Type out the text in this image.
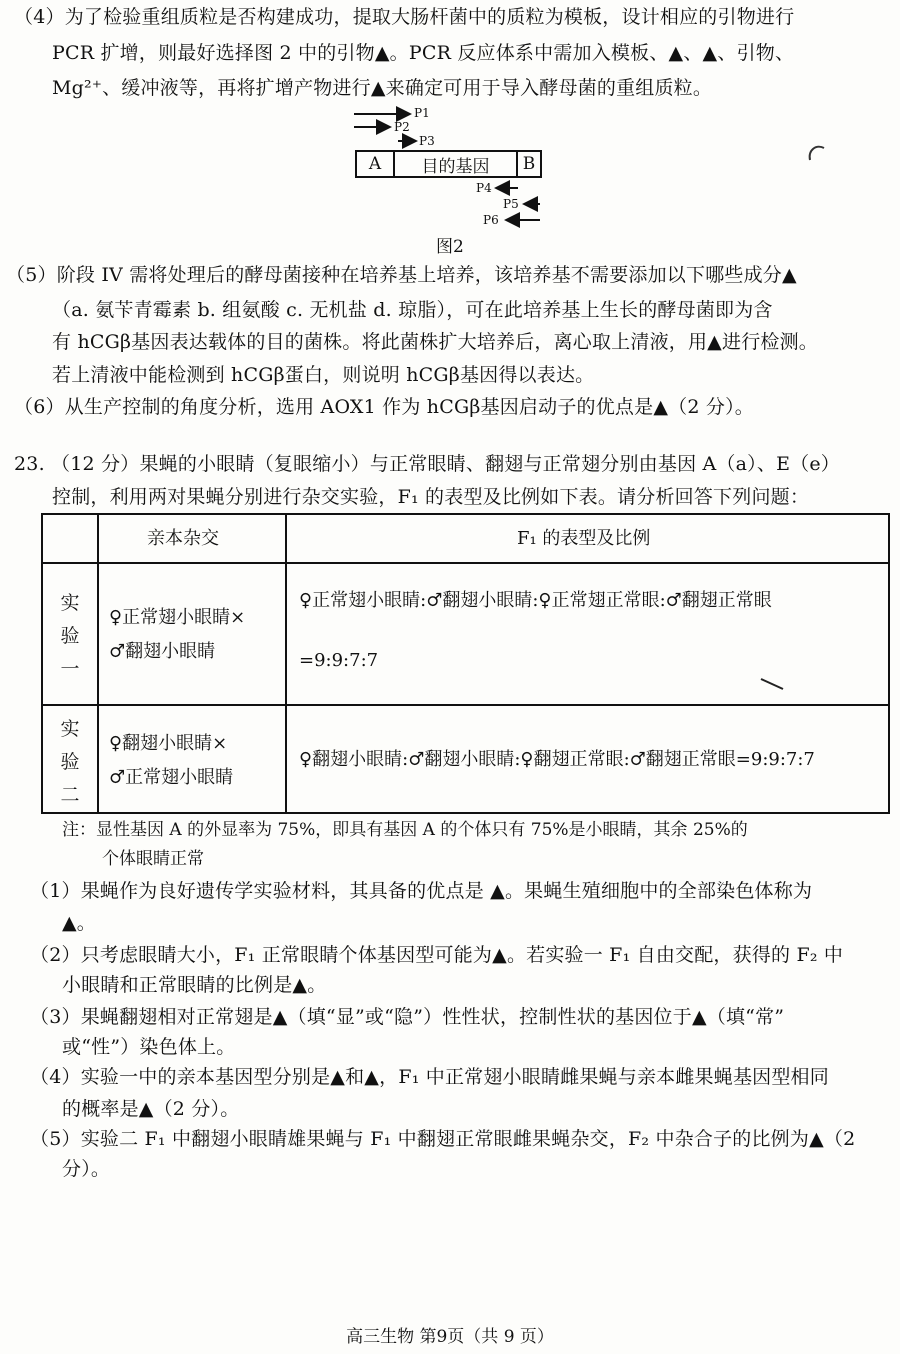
（4）为了检验重组质粒是否构建成功，提取大肠杆菌中的质粒为模板，设计相应的引物进行
PCR 扩增，则最好选择图 2 中的引物▲。PCR 反应体系中需加入模板、▲、▲、引物、
Mg²⁺、缓冲液等，再将扩增产物进行▲来确定可用于导入酵母菌的重组质粒。
P1
P2
P3
A 目的基因 B
P4
P5
P6
图2
（5）阶段 IV 需将处理后的酵母菌接种在培养基上培养，该培养基不需要添加以下哪些成分▲
（a. 氨苄青霉素 b. 组氨酸 c. 无机盐 d. 琼脂），可在此培养基上生长的酵母菌即为含
有 hCGβ基因表达载体的目的菌株。将此菌株扩大培养后，离心取上清液，用▲进行检测。
若上清液中能检测到 hCGβ蛋白，则说明 hCGβ基因得以表达。
（6）从生产控制的角度分析，选用 AOX1 作为 hCGβ基因启动子的优点是▲（2 分）。
23. （12 分）果蝇的小眼睛（复眼缩小）与正常眼睛、翻翅与正常翅分别由基因 A（a）、E（e）
控制，利用两对果蝇分别进行杂交实验，F₁ 的表型及比例如下表。请分析回答下列问题：
亲本杂交	F₁ 的表型及比例
实
验
一
♀正常翅小眼睛×
♂翻翅小眼睛
♀正常翅小眼睛:♂翻翅小眼睛:♀正常翅正常眼:♂翻翅正常眼
=9:9:7:7
实
验
二
♀翻翅小眼睛×
♂正常翅小眼睛
♀翻翅小眼睛:♂翻翅小眼睛:♀翻翅正常眼:♂翻翅正常眼=9:9:7:7
注：显性基因 A 的外显率为 75%，即具有基因 A 的个体只有 75%是小眼睛，其余 25%的
个体眼睛正常
（1）果蝇作为良好遗传学实验材料，其具备的优点是 ▲。果蝇生殖细胞中的全部染色体称为
▲。
（2）只考虑眼睛大小，F₁ 正常眼睛个体基因型可能为▲。若实验一 F₁ 自由交配，获得的 F₂ 中
小眼睛和正常眼睛的比例是▲。
（3）果蝇翻翅相对正常翅是▲（填“显”或“隐”）性性状，控制性状的基因位于▲（填“常”
或“性”）染色体上。
（4）实验一中的亲本基因型分别是▲和▲，F₁ 中正常翅小眼睛雌果蝇与亲本雌果蝇基因型相同
的概率是▲（2 分）。
（5）实验二 F₁ 中翻翅小眼睛雄果蝇与 F₁ 中翻翅正常眼雌果蝇杂交，F₂ 中杂合子的比例为▲（2
分）。
高三生物 第9页（共 9 页）
